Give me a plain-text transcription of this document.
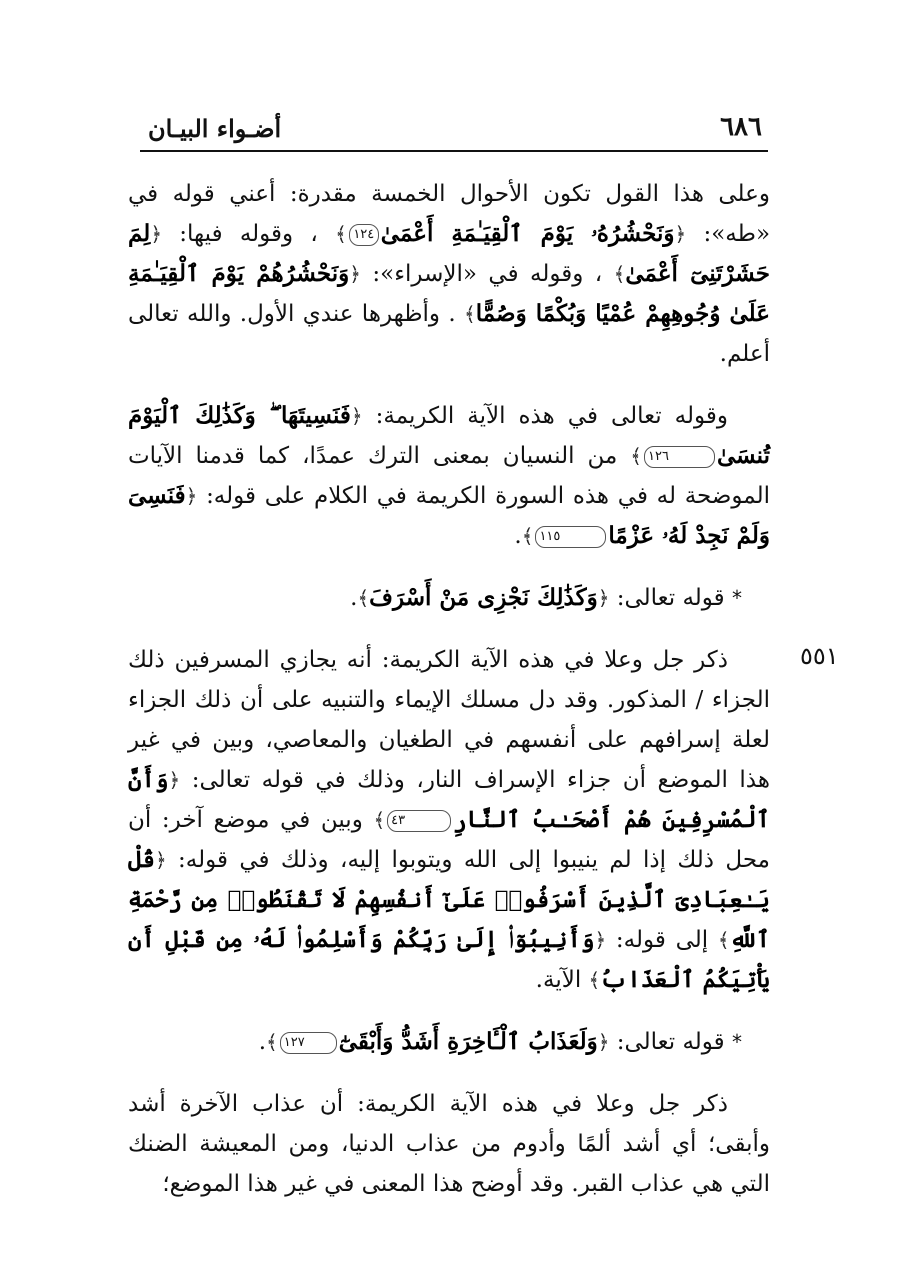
٦٨٦
أضـواء البيـان
٥٥١

وعلى هذا القول تكون الأحوال الخمسة مقدرة: أعني قوله في «طه»: ﴿وَنَحْشُرُهُۥ يَوْمَ ٱلْقِيَـٰمَةِ أَعْمَىٰ١٢٤﴾ ، وقوله فيها: ﴿لِمَ حَشَرْتَنِىٓ أَعْمَىٰ﴾ ، وقوله في «الإسراء»: ﴿وَنَحْشُرُهُمْ يَوْمَ ٱلْقِيَـٰمَةِ عَلَىٰ وُجُوهِهِمْ عُمْيًا وَبُكْمًا وَصُمًّا﴾ . وأظهرها عندي الأول. والله تعالى أعلم.

وقوله تعالى في هذه الآية الكريمة: ﴿فَنَسِيتَهَا ۖ وَكَذَٰلِكَ ٱلْيَوْمَ تُنسَىٰ١٢٦﴾ من النسيان بمعنى الترك عمدًا، كما قدمنا الآيات الموضحة له في هذه السورة الكريمة في الكلام على قوله: ﴿فَنَسِىَ وَلَمْ نَجِدْ لَهُۥ عَزْمًا١١٥﴾.

* قوله تعالى: ﴿وَكَذَٰلِكَ نَجْزِى مَنْ أَسْرَفَ﴾.

ذكر جل وعلا في هذه الآية الكريمة: أنه يجازي المسرفين ذلك الجزاء / المذكور. وقد دل مسلك الإيماء والتنبيه على أن ذلك الجزاء لعلة إسرافهم على أنفسهم في الطغيان والمعاصي، وبين في غير هذا الموضع أن جزاء الإسراف النار، وذلك في قوله تعالى: ﴿وَأَنَّ ٱلْمُسْرِفِينَ هُمْ أَصْحَـٰبُ ٱلنَّارِ٤٣﴾ وبين في موضع آخر: أن محل ذلك إذا لم ينيبوا إلى الله ويتوبوا إليه، وذلك في قوله: ﴿قُلْ يَـٰعِبَادِىَ ٱلَّذِينَ أَسْرَفُوا۟ عَلَىٰٓ أَنفُسِهِمْ لَا تَقْنَطُوا۟ مِن رَّحْمَةِ ٱللَّهِ﴾ إلى قوله: ﴿وَأَنِيبُوٓا۟ إِلَىٰ رَبِّكُمْ وَأَسْلِمُوا۟ لَهُۥ مِن قَبْلِ أَن يَأْتِيَكُمُ ٱلْعَذَابُ﴾ الآية.

* قوله تعالى: ﴿وَلَعَذَابُ ٱلْـَٔاخِرَةِ أَشَدُّ وَأَبْقَىٰٓ١٢٧﴾.

ذكر جل وعلا في هذه الآية الكريمة: أن عذاب الآخرة أشد وأبقى؛ أي أشد ألمًا وأدوم من عذاب الدنيا، ومن المعيشة الضنك التي هي عذاب القبر. وقد أوضح هذا المعنى في غير هذا الموضع؛
